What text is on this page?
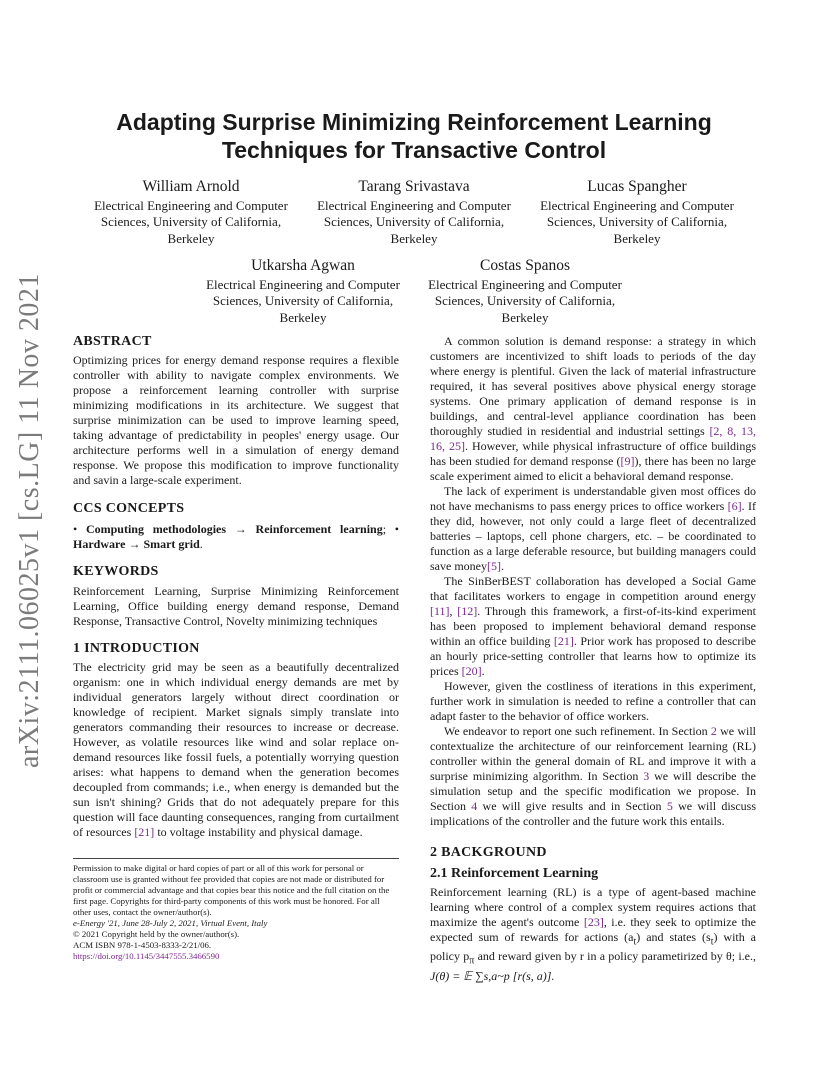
arXiv:2111.06025v1 [cs.LG] 11 Nov 2021
Adapting Surprise Minimizing Reinforcement Learning
Techniques for Transactive Control
William Arnold
Electrical Engineering and Computer
Sciences, University of California,
Berkeley
Tarang Srivastava
Electrical Engineering and Computer
Sciences, University of California,
Berkeley
Lucas Spangher
Electrical Engineering and Computer
Sciences, University of California,
Berkeley
Utkarsha Agwan
Electrical Engineering and Computer
Sciences, University of California,
Berkeley
Costas Spanos
Electrical Engineering and Computer
Sciences, University of California,
Berkeley
ABSTRACT

Optimizing prices for energy demand response requires a flexible controller with ability to navigate complex environments. We propose a reinforcement learning controller with surprise minimizing modifications in its architecture. We suggest that surprise minimization can be used to improve learning speed, taking advantage of predictability in peoples' energy usage. Our architecture performs well in a simulation of energy demand response. We propose this modification to improve functionality and savin a large-scale experiment.

CCS CONCEPTS

• Computing methodologies → Reinforcement learning; • Hardware → Smart grid.

KEYWORDS

Reinforcement Learning, Surprise Minimizing Reinforcement Learning, Office building energy demand response, Demand Response, Transactive Control, Novelty minimizing techniques

1 INTRODUCTION

The electricity grid may be seen as a beautifully decentralized organism: one in which individual energy demands are met by individual generators largely without direct coordination or knowledge of recipient. Market signals simply translate into generators commanding their resources to increase or decrease. However, as volatile resources like wind and solar replace on-demand resources like fossil fuels, a potentially worrying question arises: what happens to demand when the generation becomes decoupled from commands; i.e., when energy is demanded but the sun isn't shining? Grids that do not adequately prepare for this question will face daunting consequences, ranging from curtailment of resources [21] to voltage instability and physical damage.

Permission to make digital or hard copies of part or all of this work for personal or classroom use is granted without fee provided that copies are not made or distributed for profit or commercial advantage and that copies bear this notice and the full citation on the first page. Copyrights for third-party components of this work must be honored. For all other uses, contact the owner/author(s).
e-Energy '21, June 28-July 2, 2021, Virtual Event, Italy
© 2021 Copyright held by the owner/author(s).
ACM ISBN 978-1-4503-8333-2/21/06.
https://doi.org/10.1145/3447555.3466590

A common solution is demand response: a strategy in which customers are incentivized to shift loads to periods of the day where energy is plentiful. Given the lack of material infrastructure required, it has several positives above physical energy storage systems. One primary application of demand response is in buildings, and central-level appliance coordination has been thoroughly studied in residential and industrial settings [2, 8, 13, 16, 25]. However, while physical infrastructure of office buildings has been studied for demand response ([9]), there has been no large scale experiment aimed to elicit a behavioral demand response.

The lack of experiment is understandable given most offices do not have mechanisms to pass energy prices to office workers [6]. If they did, however, not only could a large fleet of decentralized batteries – laptops, cell phone chargers, etc. – be coordinated to function as a large deferable resource, but building managers could save money[5].

The SinBerBEST collaboration has developed a Social Game that facilitates workers to engage in competition around energy [11], [12]. Through this framework, a first-of-its-kind experiment has been proposed to implement behavioral demand response within an office building [21]. Prior work has proposed to describe an hourly price-setting controller that learns how to optimize its prices [20].

However, given the costliness of iterations in this experiment, further work in simulation is needed to refine a controller that can adapt faster to the behavior of office workers.

We endeavor to report one such refinement. In Section 2 we will contextualize the architecture of our reinforcement learning (RL) controller within the general domain of RL and improve it with a surprise minimizing algorithm. In Section 3 we will describe the simulation setup and the specific modification we propose. In Section 4 we will give results and in Section 5 we will discuss implications of the controller and the future work this entails.

2 BACKGROUND
2.1 Reinforcement Learning

Reinforcement learning (RL) is a type of agent-based machine learning where control of a complex system requires actions that maximize the agent's outcome [23], i.e. they seek to optimize the expected sum of rewards for actions $(a_t)$ and states $(s_t)$ with a policy $p_\pi$ and reward given by r in a policy parametirized by θ; i.e., J(θ) = 𝔼 ∑s,a~p [r(s, a)].
